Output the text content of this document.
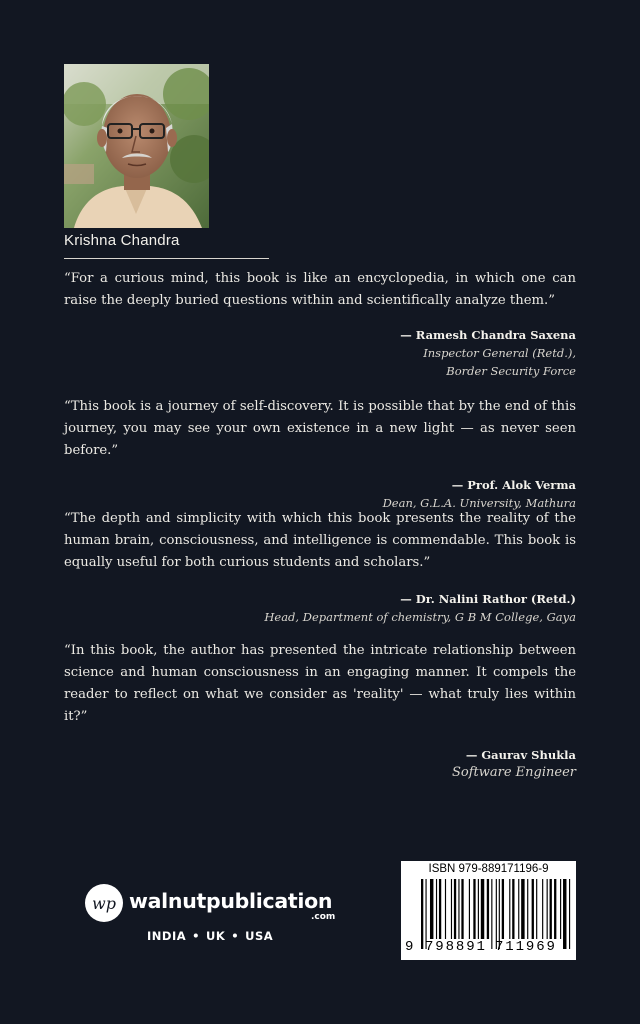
Krishna Chandra

“For a curious mind, this book is like an encyclopedia, in which one can raise the deeply buried questions within and scientifically analyze them.”

— Ramesh Chandra Saxena
Inspector General (Retd.),
Border Security Force

“This book is a journey of self-discovery. It is possible that by the end of this journey, you may see your own existence in a new light — as never seen before.”

— Prof. Alok Verma
Dean, G.L.A. University, Mathura

“The depth and simplicity with which this book presents the reality of the human brain, consciousness, and intelligence is commendable. This book is equally useful for both curious students and scholars.”

— Dr. Nalini Rathor (Retd.)
Head, Department of chemistry, G B M College, Gaya

“In this book, the author has presented the intricate relationship between science and human consciousness in an engaging manner. It compels the reader to reflect on what we consider as 'reality' — what truly lies within it?”

— Gaurav Shukla
Software Engineer
wp walnutpublication
.com
INDIA • UK • USA
ISBN 979-889171196-9
9 798891 711969
